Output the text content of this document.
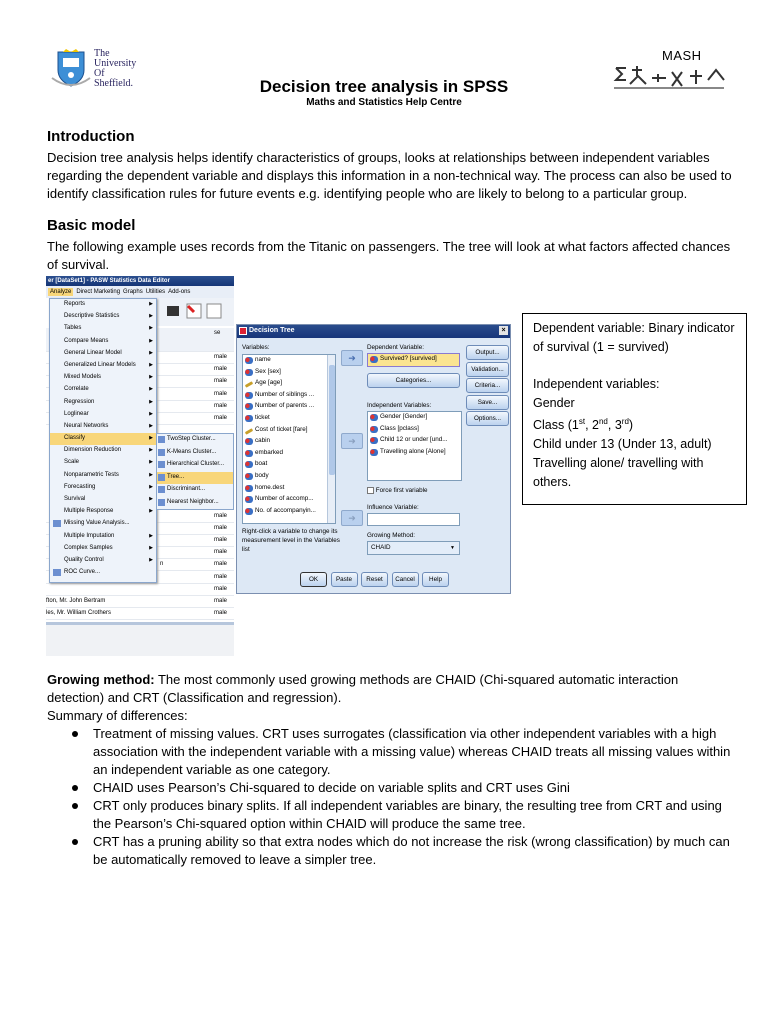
The
University
Of
Sheffield.
MASH
Decision tree analysis in SPSS
Maths and Statistics Help Centre
Introduction
Decision tree analysis helps identify characteristics of groups, looks at relationships between independent variables regarding the dependent variable and displays this information in a non-technical way. The process can also be used to identify classification rules for future events e.g. identifying people who are likely to belong to a particular group.
Basic model
The following example uses records from the Titanic on passengers. The tree will look at what factors affected chances of survival.
er [DataSet1] - PASW Statistics Data Editor
Analyze Direct Marketing Graphs Utilities Add-ons
se
male
male
male
male
male
male
male
male
male
male
male
n
male
male
male
fton, Mr. John Bertram
male
les, Mr. William Crothers
Reports	▶
Descriptive Statistics	▶
Tables	▶
Compare Means	▶
General Linear Model	▶
Generalized Linear Models	▶
Mixed Models	▶
Correlate	▶
Regression	▶
Loglinear	▶
Neural Networks	▶
Classify	▶
Dimension Reduction	▶
Scale	▶
Nonparametric Tests	▶
Forecasting	▶
Survival	▶
Multiple Response	▶
Missing Value Analysis...
Multiple Imputation	▶
Complex Samples	▶
Quality Control	▶
ROC Curve...
TwoStep Cluster...
K-Means Cluster...
Hierarchical Cluster...
Tree...
Discriminant...
Nearest Neighbor...
Decision Tree	×
Variables:
name
Sex [sex]
Age [age]
Number of siblings ...
Number of parents ...
ticket
Cost of ticket [fare]
cabin
embarked
boat
body
home.dest
Number of accomp...
No. of accompanyin...
Right-click a variable to change its measurement level in the Variables list
➜
➜
➜
Dependent Variable:
Survived? [survived]
Categories...
Independent Variables:
Gender [Gender]
Class [pclass]
Child 12 or under [und...
Travelling alone [Alone]
Force first variable
Influence Variable:
Growing Method:
CHAID	▼
Output...
Validation...
Criteria...
Save...
Options...
OK	Paste	Reset	Cancel	Help
Dependent variable: Binary indicator of survival (1 = survived)
Independent variables:
Gender
Class (1st, 2nd, 3rd)
Child under 13 (Under 13, adult)
Travelling alone/ travelling with others.
Growing method: The most commonly used growing methods are CHAID (Chi-squared automatic interaction detection) and CRT (Classification and regression).
Summary of differences:
Treatment of missing values. CRT uses surrogates (classification via other independent variables with a high association with the independent variable with a missing value) whereas CHAID treats all missing values within an independent variable as one category.
CHAID uses Pearson’s Chi-squared to decide on variable splits and CRT uses Gini
CRT only produces binary splits. If all independent variables are binary, the resulting tree from CRT and using the Pearson’s Chi-squared option within CHAID will produce the same tree.
CRT has a pruning ability so that extra nodes which do not increase the risk (wrong classification) by much can be automatically removed to leave a simpler tree.
